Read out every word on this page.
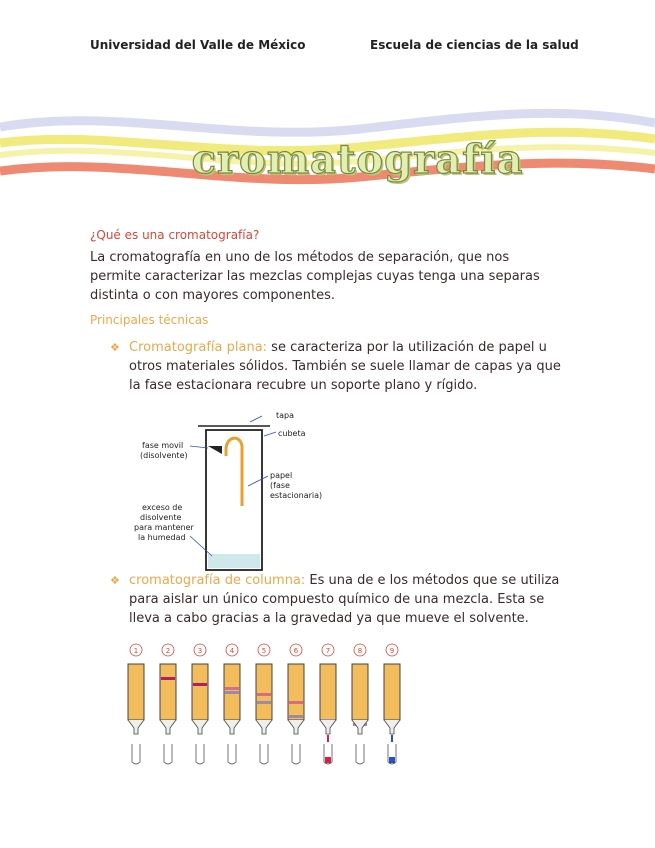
Universidad del Valle de México	Escuela de ciencias de la salud
cromatografía
¿Qué es una cromatografía?
La cromatografía en uno de los métodos de separación, que nos permite caracterizar las mezclas complejas cuyas tenga una separas distinta o con mayores componentes.
Principales técnicas
❖ Cromatografía plana: se caracteriza por la utilización de papel u otros materiales sólidos. También se suele llamar de capas ya que la fase estacionara recubre un soporte plano y rígido.
tapa
cubeta
fase movil
(disolvente)
papel
(fase
estacionaria)
exceso de
disolvente
para mantener
la humedad
❖ cromatografía de columna: Es una de e los métodos que se utiliza para aislar un único compuesto químico de una mezcla. Esta se lleva a cabo gracias a la gravedad ya que mueve el solvente.
1	2	3	4	5	6	7	8	9
